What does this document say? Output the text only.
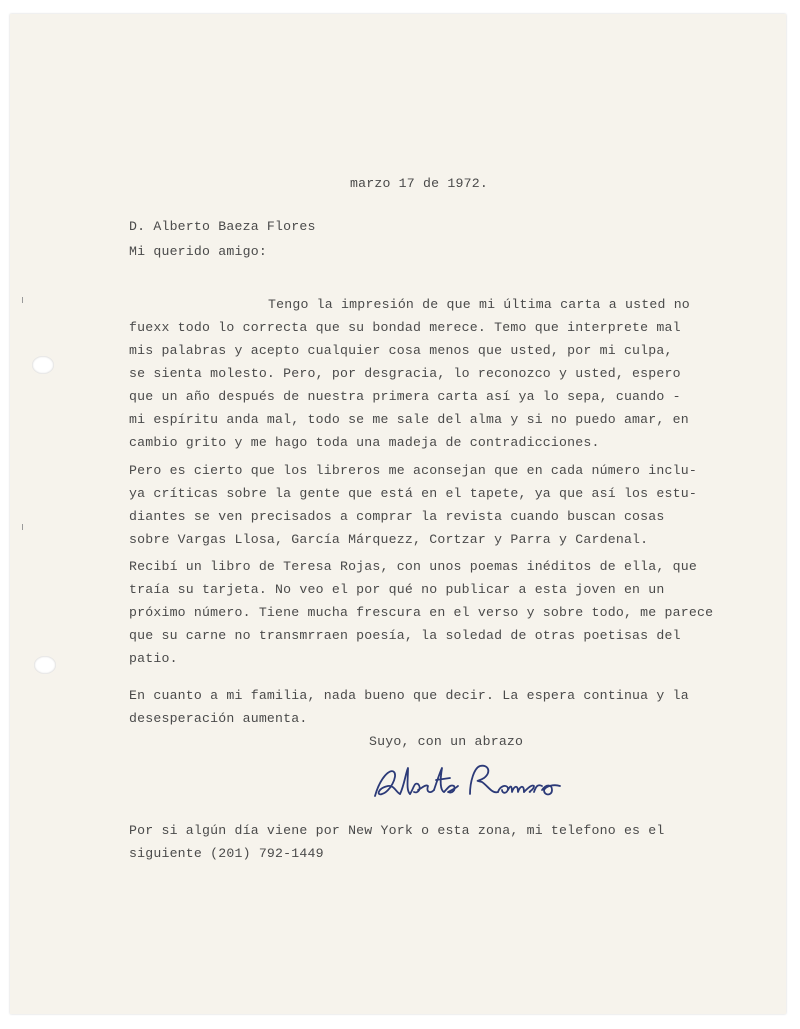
marzo 17 de 1972.

D. Alberto Baeza Flores

Mi querido amigo:

Tengo la impresión de que mi última carta a usted no

fuexx todo lo correcta que su bondad merece. Temo que interprete mal

mis palabras y acepto cualquier cosa menos que usted, por mi culpa,

se sienta molesto. Pero, por desgracia, lo reconozco y usted, espero

que un año después de nuestra primera carta así ya lo sepa, cuando -

mi espíritu anda mal, todo se me sale del alma y si no puedo amar, en

cambio grito y me hago toda una madeja de contradicciones.

Pero es cierto que los libreros me aconsejan que en cada número inclu-

ya críticas sobre la gente que está en el tapete, ya que así los estu-

diantes se ven precisados a comprar la revista cuando buscan cosas

sobre Vargas Llosa, García Márquezz, Cortzar y Parra y Cardenal.

Recibí un libro de Teresa Rojas, con unos poemas inéditos de ella, que

traía su tarjeta. No veo el por qué no publicar a esta joven en un

próximo número. Tiene mucha frescura en el verso y sobre todo, me parece

que su carne no transmrraen poesía, la soledad de otras poetisas del

patio.

En cuanto a mi familia, nada bueno que decir. La espera continua y la

desesperación aumenta.

Suyo, con un abrazo

Por si algún día viene por New York o esta zona, mi telefono es el

siguiente (201) 792-1449
